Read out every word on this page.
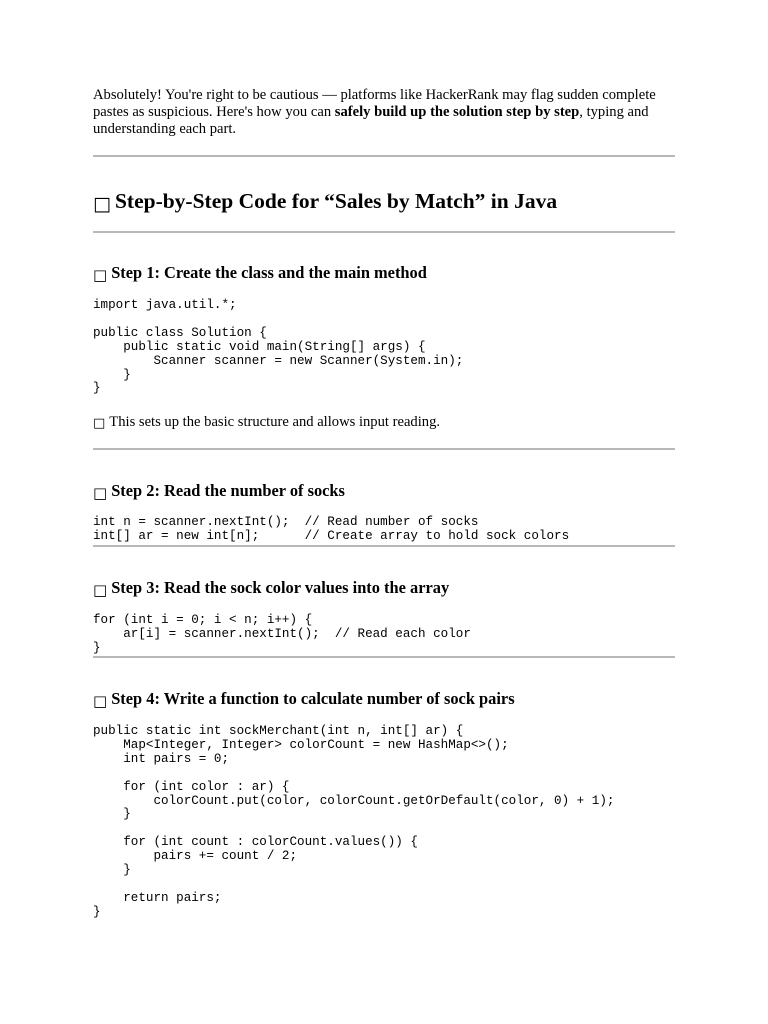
Absolutely! You're right to be cautious — platforms like HackerRank may flag sudden complete pastes as suspicious. Here's how you can safely build up the solution step by step, typing and understanding each part.

□ Step-by-Step Code for “Sales by Match” in Java
□ Step 1: Create the class and the main method
import java.util.*;

public class Solution {
public static void main(String[] args) {
Scanner scanner = new Scanner(System.in);
}
}

□ This sets up the basic structure and allows input reading.

□ Step 2: Read the number of socks
int n = scanner.nextInt();  // Read number of socks
int[] ar = new int[n];      // Create array to hold sock colors
□ Step 3: Read the sock color values into the array
for (int i = 0; i < n; i++) {
ar[i] = scanner.nextInt();  // Read each color
}
□ Step 4: Write a function to calculate number of sock pairs
public static int sockMerchant(int n, int[] ar) {
Map<Integer, Integer> colorCount = new HashMap<>();
int pairs = 0;

for (int color : ar) {
colorCount.put(color, colorCount.getOrDefault(color, 0) + 1);
}

for (int count : colorCount.values()) {
pairs += count / 2;
}

return pairs;
}
